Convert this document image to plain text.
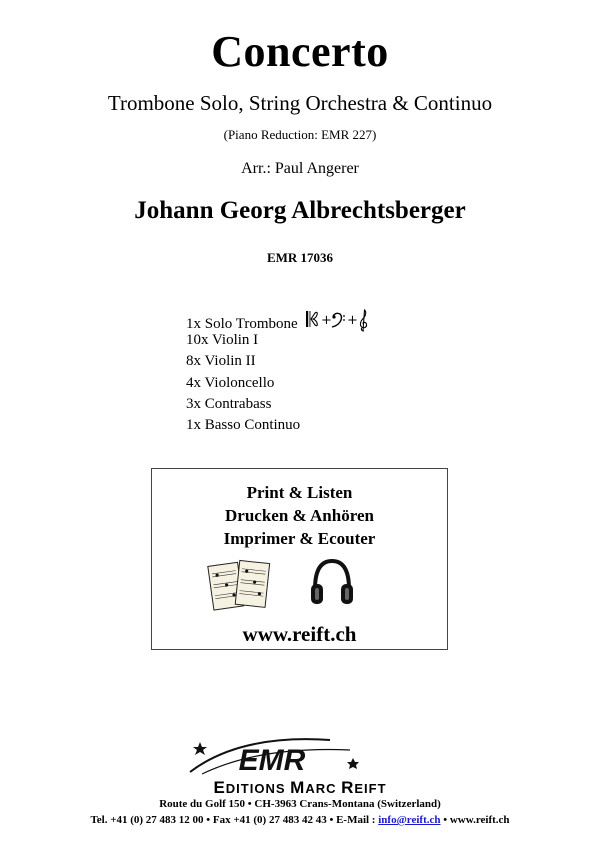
Concerto
Trombone Solo, String Orchestra & Continuo
(Piano Reduction: EMR 227)
Arr.: Paul Angerer
Johann Georg Albrechtsberger
EMR 17036
1x Solo Trombone + +
10x Violin I
8x Violin II
4x Violoncello
3x Contrabass
1x Basso Continuo
Print & Listen
Drucken & Anhören
Imprimer & Ecouter
www.reift.ch
EMR
EDITIONS MARC REIFT
Route du Golf 150 • CH-3963 Crans-Montana (Switzerland)
Tel. +41 (0) 27 483 12 00 • Fax +41 (0) 27 483 42 43 • E-Mail : info@reift.ch • www.reift.ch
